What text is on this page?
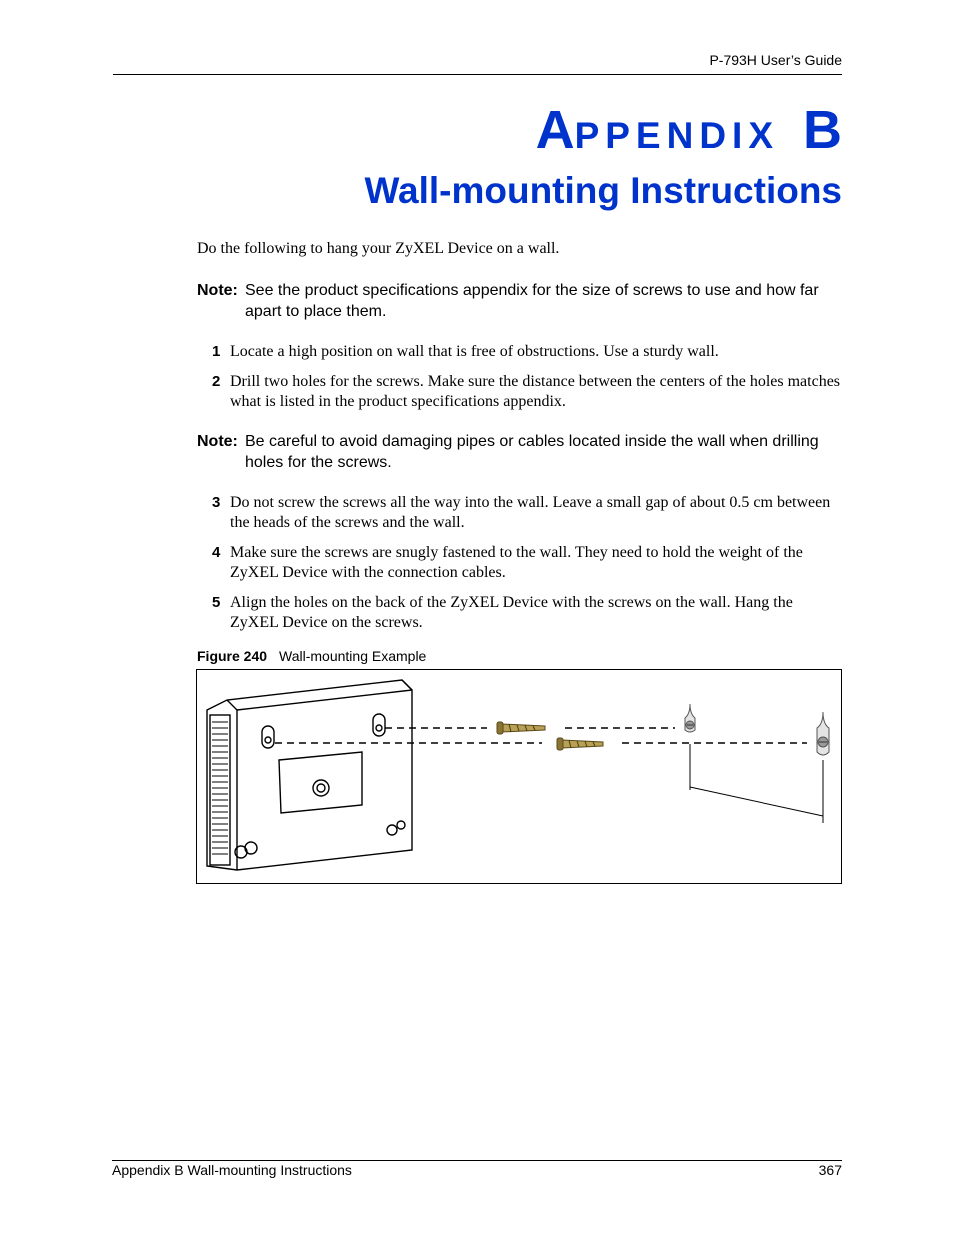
P-793H User’s Guide
APPENDIX B
Wall-mounting Instructions
Do the following to hang your ZyXEL Device on a wall.
Note: See the product specifications appendix for the size of screws to use and how far apart to place them.
1 Locate a high position on wall that is free of obstructions. Use a sturdy wall.
2 Drill two holes for the screws. Make sure the distance between the centers of the holes matches what is listed in the product specifications appendix.
Note: Be careful to avoid damaging pipes or cables located inside the wall when drilling holes for the screws.
3 Do not screw the screws all the way into the wall. Leave a small gap of about 0.5 cm between the heads of the screws and the wall.
4 Make sure the screws are snugly fastened to the wall. They need to hold the weight of the ZyXEL Device with the connection cables.
5 Align the holes on the back of the ZyXEL Device with the screws on the wall. Hang the ZyXEL Device on the screws.
Figure 240 Wall-mounting Example
Appendix B Wall-mounting Instructions	367
